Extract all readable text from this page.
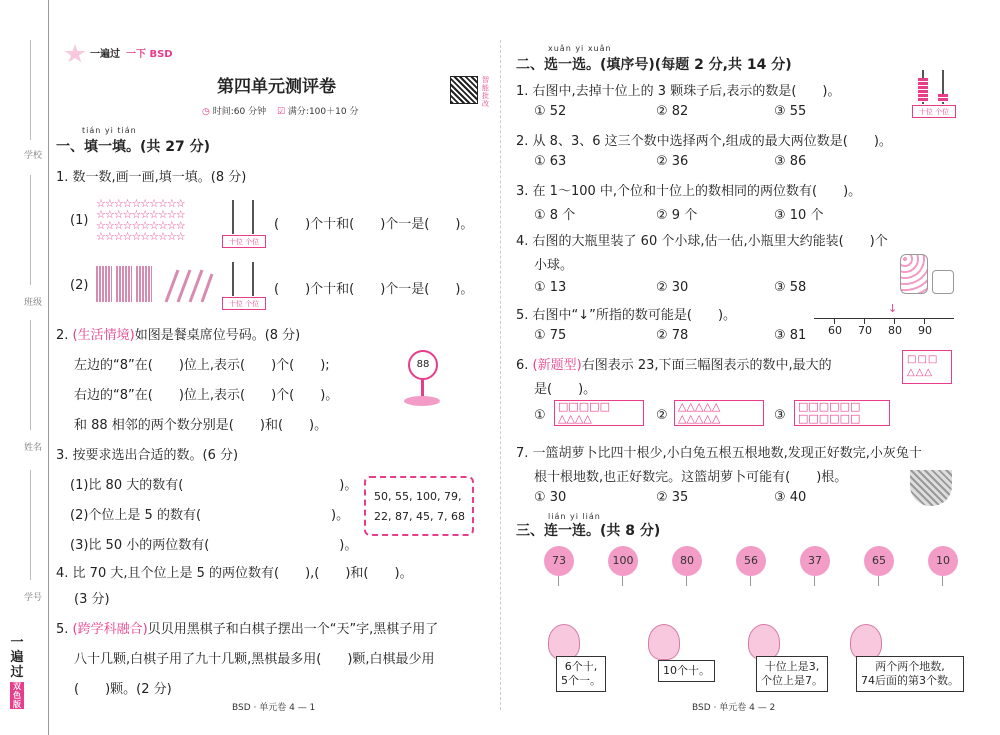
学校
班级
姓名
学号
一遍过
双色版
一遍过 一下 BSD
第四单元测评卷
◷ 时间:60 分钟 ☑ 满分:100＋10 分
智能批改
tián yi tián
一、填一填。(共 27 分)
1. 数一数,画一画,填一填。(8 分)
(1)
☆☆☆☆☆☆☆☆☆☆
☆☆☆☆☆☆☆☆☆☆
☆☆☆☆☆☆☆☆☆☆
☆☆☆☆☆☆☆☆☆☆	十位 个位
(　　)个十和(　　)个一是(　　)。
(2)
十位 个位
(　　)个十和(　　)个一是(　　)。
2. (生活情境)如图是餐桌席位号码。(8 分)
左边的“8”在(　　)位上,表示(　　)个(　　);
右边的“8”在(　　)位上,表示(　　)个(　　)。
和 88 相邻的两个数分别是(　　)和(　　)。
88
3. 按要求选出合适的数。(6 分)
(1)比 80 大的数有(　　　　　　　　　　　　)。
(2)个位上是 5 的数有(　　　　　　　　　　)。
(3)比 50 小的两位数有(　　　　　　　　　　)。
50, 55, 100, 79,
22, 87, 45, 7, 68
4. 比 70 大,且个位上是 5 的两位数有(　　),(　　)和(　　)。
(3 分)
5. (跨学科融合)贝贝用黑棋子和白棋子摆出一个“天”字,黑棋子用了
八十几颗,白棋子用了九十几颗,黑棋最多用(　　)颗,白棋最少用
(　　)颗。(2 分)
BSD · 单元卷 4 — 1
xuǎn yi xuǎn
二、选一选。(填序号)(每题 2 分,共 14 分)
1. 右图中,去掉十位上的 3 颗珠子后,表示的数是(　　)。
① 52	② 82	③ 55	十位 个位
2. 从 8、3、6 这三个数中选择两个,组成的最大两位数是(　　)。
① 63	② 36	③ 86
3. 在 1～100 中,个位和十位上的数相同的两位数有(　　)。
① 8 个	② 9 个	③ 10 个
4. 右图的大瓶里装了 60 个小球,估一估,小瓶里大约能装(　　)个
小球。
① 13	② 30	③ 58
5. 右图中“↓”所指的数可能是(　　)。
① 75	② 78	③ 81 60 70 80 90
↓
6. (新题型)右图表示 23,下面三幅图表示的数中,最大的
是(　　)。
□□□
△△△
①
□□□□□
△△△△	②
△△△△△
△△△△△	③
□□□□□□
□□□□□□
7. 一篮胡萝卜比四十根少,小白兔五根五根地数,发现正好数完,小灰兔十
根十根地数,也正好数完。这篮胡萝卜可能有(　　)根。
① 30	② 35	③ 40
lián yi lián
三、连一连。(共 8 分)
73	100	80	56	37	65	10
6个十,
5个一。
10个十。	十位上是3,
个位上是7。
两个两个地数,
74后面的第3个数。
BSD · 单元卷 4 — 2
